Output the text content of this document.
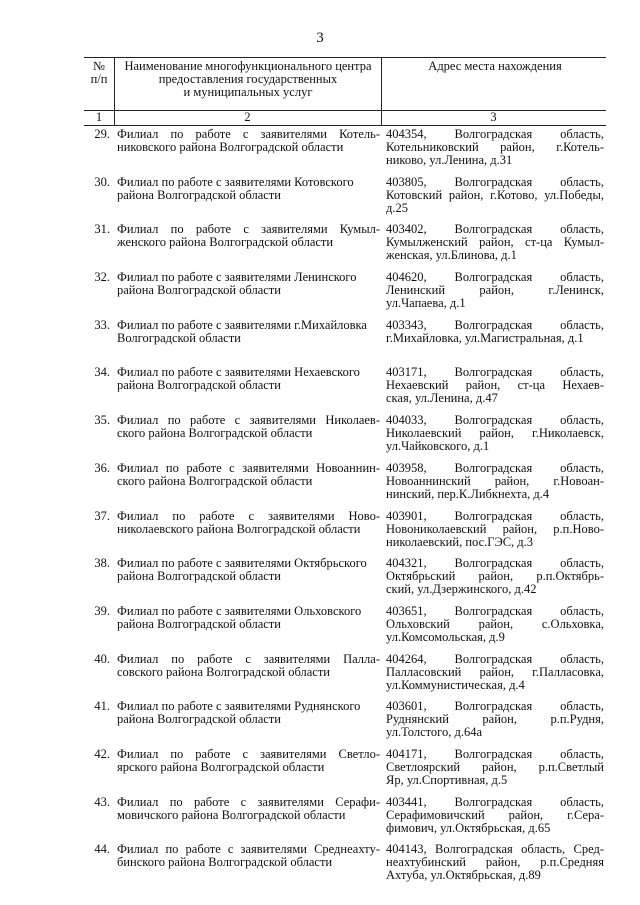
3
№
п/п
Наименование многофункционального центра
предоставления государственных
и муниципальных услуг
Адрес места нахождения
1	2	3
29. Филиал по работе с заявителями Котель-
никовского района Волгоградской области
404354, Волгоградская область,
Котельниковский район, г.Котель-
никово, ул.Ленина, д.31
30. Филиал по работе с заявителями Котовского
района Волгоградской области
403805, Волгоградская область,
Котовский район, г.Котово, ул.Победы,
д.25
31. Филиал по работе с заявителями Кумыл-
женского района Волгоградской области
403402, Волгоградская область,
Кумылженский район, ст-ца Кумыл-
женская, ул.Блинова, д.1
32. Филиал по работе с заявителями Ленинского
района Волгоградской области
404620, Волгоградская область,
Ленинский район, г.Ленинск,
ул.Чапаева, д.1
33. Филиал по работе с заявителями г.Михайловка
Волгоградской области
403343, Волгоградская область,
г.Михайловка, ул.Магистральная, д.1
34. Филиал по работе с заявителями Нехаевского
района Волгоградской области
403171, Волгоградская область,
Нехаевский район, ст-ца Нехаев-
ская, ул.Ленина, д.47
35. Филиал по работе с заявителями Николаев-
ского района Волгоградской области
404033, Волгоградская область,
Николаевский район, г.Николаевск,
ул.Чайковского, д.1
36. Филиал по работе с заявителями Новоаннин-
ского района Волгоградской области
403958, Волгоградская область,
Новоаннинский район, г.Новоан-
нинский, пер.К.Либкнехта, д.4
37. Филиал по работе с заявителями Ново-
николаевского района Волгоградской области
403901, Волгоградская область,
Новониколаевский район, р.п.Ново-
николаевский, пос.ГЭС, д.3
38. Филиал по работе с заявителями Октябрьского
района Волгоградской области
404321, Волгоградская область,
Октябрьский район, р.п.Октябрь-
ский, ул.Дзержинского, д.42
39. Филиал по работе с заявителями Ольховского
района Волгоградской области
403651, Волгоградская область,
Ольховский район, с.Ольховка,
ул.Комсомольская, д.9
40. Филиал по работе с заявителями Палла-
совского района Волгоградской области
404264, Волгоградская область,
Палласовский район, г.Палласовка,
ул.Коммунистическая, д.4
41. Филиал по работе с заявителями Руднянского
района Волгоградской области
403601, Волгоградская область,
Руднянский район, р.п.Рудня,
ул.Толстого, д.64а
42. Филиал по работе с заявителями Светло-
ярского района Волгоградской области
404171, Волгоградская область,
Светлоярский район, р.п.Светлый
Яр, ул.Спортивная, д.5
43. Филиал по работе с заявителями Серафи-
мовичского района Волгоградской области
403441, Волгоградская область,
Серафимовичский район, г.Сера-
фимович, ул.Октябрьская, д.65
44. Филиал по работе с заявителями Среднеахту-
бинского района Волгоградской области
404143, Волгоградская область, Сред-
неахтубинский район, р.п.Средняя
Ахтуба, ул.Октябрьская, д.89
